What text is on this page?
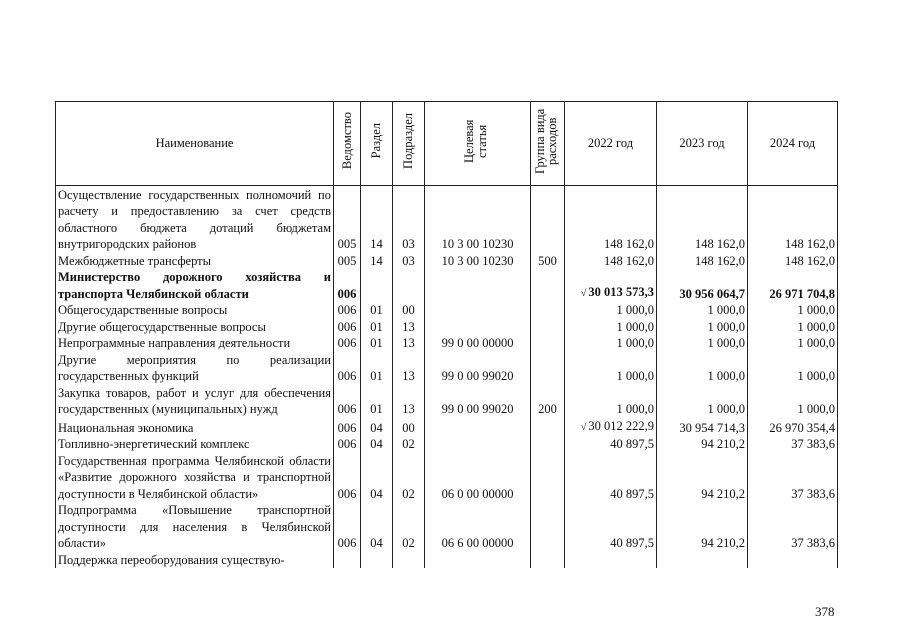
Наименование	Ведомство	Раздел	Подраздел	Целевая статья	Группа вида расходов	2022 год	2023 год	2024 год
Осуществление государственных полномочий по расчету и предоставлению за счет средств областного бюджета дотаций бюджетам внутригородских районов	005	14	03	10 3 00 10230		148 162,0	148 162,0	148 162,0
Межбюджетные трансферты	005	14	03	10 3 00 10230	500	148 162,0	148 162,0	148 162,0
Министерство дорожного хозяйства и транспорта Челябинской области	006					√ 30 013 573,3	30 956 064,7	26 971 704,8
Общегосударственные вопросы	006	01	00			1 000,0	1 000,0	1 000,0
Другие общегосударственные вопросы	006	01	13			1 000,0	1 000,0	1 000,0
Непрограммные направления деятельности	006	01	13	99 0 00 00000		1 000,0	1 000,0	1 000,0
Другие мероприятия по реализации государственных функций	006	01	13	99 0 00 99020		1 000,0	1 000,0	1 000,0
Закупка товаров, работ и услуг для обеспечения государственных (муниципальных) нужд	006	01	13	99 0 00 99020	200	1 000,0	1 000,0	1 000,0
Национальная экономика	006	04	00			√ 30 012 222,9	30 954 714,3	26 970 354,4
Топливно-энергетический комплекс	006	04	02			40 897,5	94 210,2	37 383,6
Государственная программа Челябинской области «Развитие дорожного хозяйства и транспортной доступности в Челябинской области»	006	04	02	06 0 00 00000		40 897,5	94 210,2	37 383,6
Подпрограмма «Повышение транспортной доступности для населения в Челябинской области»	006	04	02	06 6 00 00000		40 897,5	94 210,2	37 383,6
Поддержка переоборудования существую-								
378
